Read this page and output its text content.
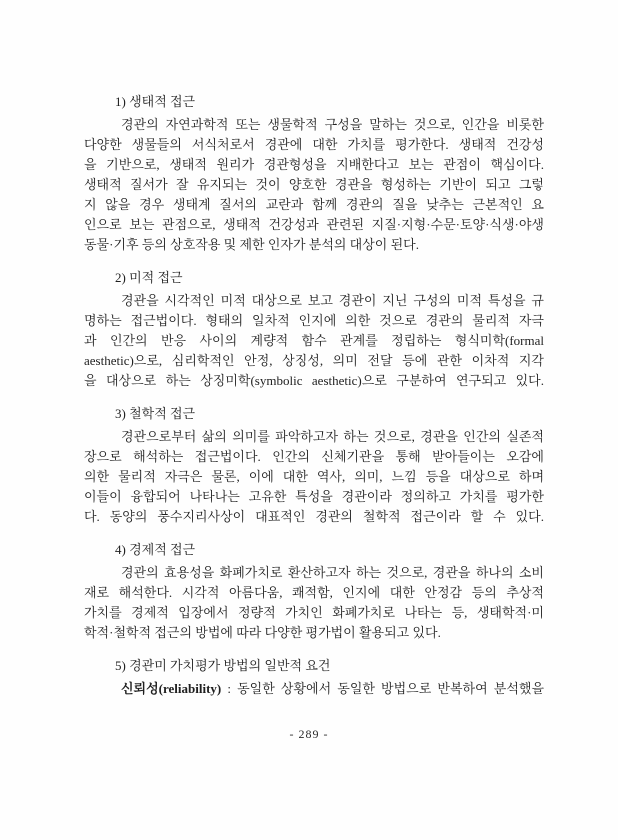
1) 생태적 접근
경관의 자연과학적 또는 생물학적 구성을 말하는 것으로, 인간을 비롯한
다양한 생물들의 서식처로서 경관에 대한 가치를 평가한다. 생태적 건강성
을 기반으로, 생태적 원리가 경관형성을 지배한다고 보는 관점이 핵심이다.
생태적 질서가 잘 유지되는 것이 양호한 경관을 형성하는 기반이 되고 그렇
지 않을 경우 생태계 질서의 교란과 함께 경관의 질을 낮추는 근본적인 요
인으로 보는 관점으로, 생태적 건강성과 관련된 지질·지형·수문·토양·식생·야생
동물·기후 등의 상호작용 및 제한 인자가 분석의 대상이 된다.
2) 미적 접근
경관을 시각적인 미적 대상으로 보고 경관이 지닌 구성의 미적 특성을 규
명하는 접근법이다. 형태의 일차적 인지에 의한 것으로 경관의 물리적 자극
과 인간의 반응 사이의 계량적 함수 관계를 정립하는 형식미학(formal
aesthetic)으로, 심리학적인 안정, 상징성, 의미 전달 등에 관한 이차적 지각
을 대상으로 하는 상징미학(symbolic aesthetic)으로 구분하여 연구되고 있다.
3) 철학적 접근
경관으로부터 삶의 의미를 파악하고자 하는 것으로, 경관을 인간의 실존적
장으로 해석하는 접근법이다. 인간의 신체기관을 통해 받아들이는 오감에
의한 물리적 자극은 물론, 이에 대한 역사, 의미, 느낌 등을 대상으로 하며
이들이 융합되어 나타나는 고유한 특성을 경관이라 정의하고 가치를 평가한
다. 동양의 풍수지리사상이 대표적인 경관의 철학적 접근이라 할 수 있다.
4) 경제적 접근
경관의 효용성을 화폐가치로 환산하고자 하는 것으로, 경관을 하나의 소비
재로 해석한다. 시각적 아름다움, 쾌적함, 인지에 대한 안정감 등의 추상적
가치를 경제적 입장에서 정량적 가치인 화폐가치로 나타는 등, 생태학적·미
학적·철학적 접근의 방법에 따라 다양한 평가법이 활용되고 있다.
5) 경관미 가치평가 방법의 일반적 요건
신뢰성(reliability) : 동일한 상황에서 동일한 방법으로 반복하여 분석했을
- 289 -
